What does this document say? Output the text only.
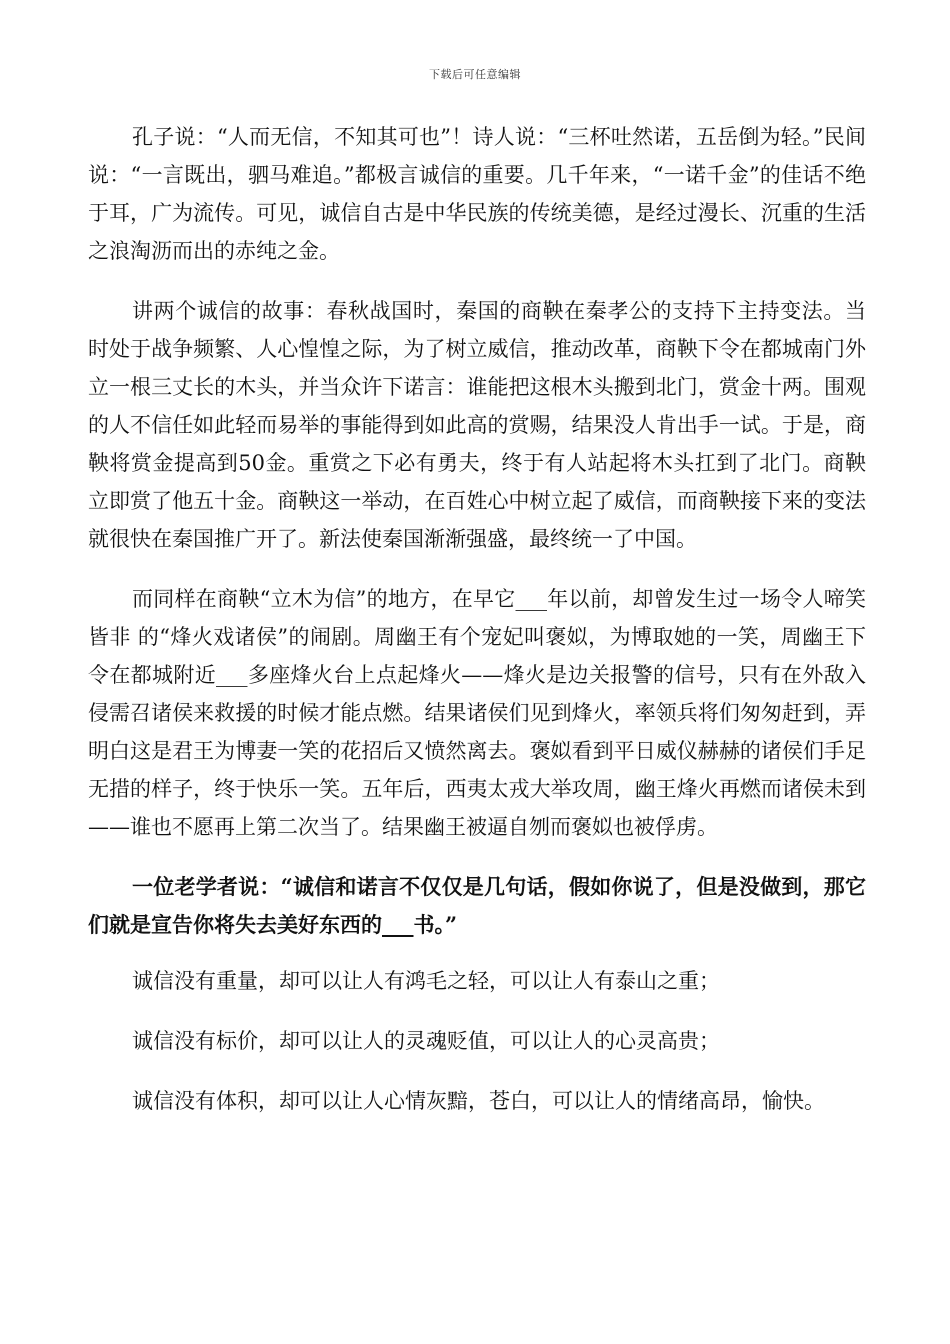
下载后可任意编辑

孔子说：“人而无信，不知其可也”！诗人说：“三杯吐然诺，五岳倒为轻。”民间说：“一言既出，驷马难追。”都极言诚信的重要。几千年来，“一诺千金”的佳话不绝于耳，广为流传。可见，诚信自古是中华民族的传统美德，是经过漫长、沉重的生活之浪淘沥而出的赤纯之金。

讲两个诚信的故事：春秋战国时，秦国的商鞅在秦孝公的支持下主持变法。当时处于战争频繁、人心惶惶之际，为了树立威信，推动改革，商鞅下令在都城南门外立一根三丈长的木头，并当众许下诺言：谁能把这根木头搬到北门，赏金十两。围观的人不信任如此轻而易举的事能得到如此高的赏赐，结果没人肯出手一试。于是，商鞅将赏金提高到50金。重赏之下必有勇夫，终于有人站起将木头扛到了北门。商鞅立即赏了他五十金。商鞅这一举动，在百姓心中树立起了威信，而商鞅接下来的变法就很快在秦国推广开了。新法使秦国渐渐强盛，最终统一了中国。

而同样在商鞅“立木为信”的地方，在早它___年以前，却曾发生过一场令人啼笑皆非 的“烽火戏诸侯”的闹剧。周幽王有个宠妃叫褒姒，为博取她的一笑，周幽王下令在都城附近___多座烽火台上点起烽火——烽火是边关报警的信号，只有在外敌入侵需召诸侯来救援的时候才能点燃。结果诸侯们见到烽火，率领兵将们匆匆赶到，弄明白这是君王为博妻一笑的花招后又愤然离去。褒姒看到平日威仪赫赫的诸侯们手足无措的样子，终于快乐一笑。五年后，西夷太戎大举攻周，幽王烽火再燃而诸侯未到——谁也不愿再上第二次当了。结果幽王被逼自刎而褒姒也被俘虏。

一位老学者说：“诚信和诺言不仅仅是几句话，假如你说了，但是没做到，那它们就是宣告你将失去美好东西的___书。”

诚信没有重量，却可以让人有鸿毛之轻，可以让人有泰山之重；

诚信没有标价，却可以让人的灵魂贬值，可以让人的心灵高贵；

诚信没有体积，却可以让人心情灰黯，苍白，可以让人的情绪高昂，愉快。
